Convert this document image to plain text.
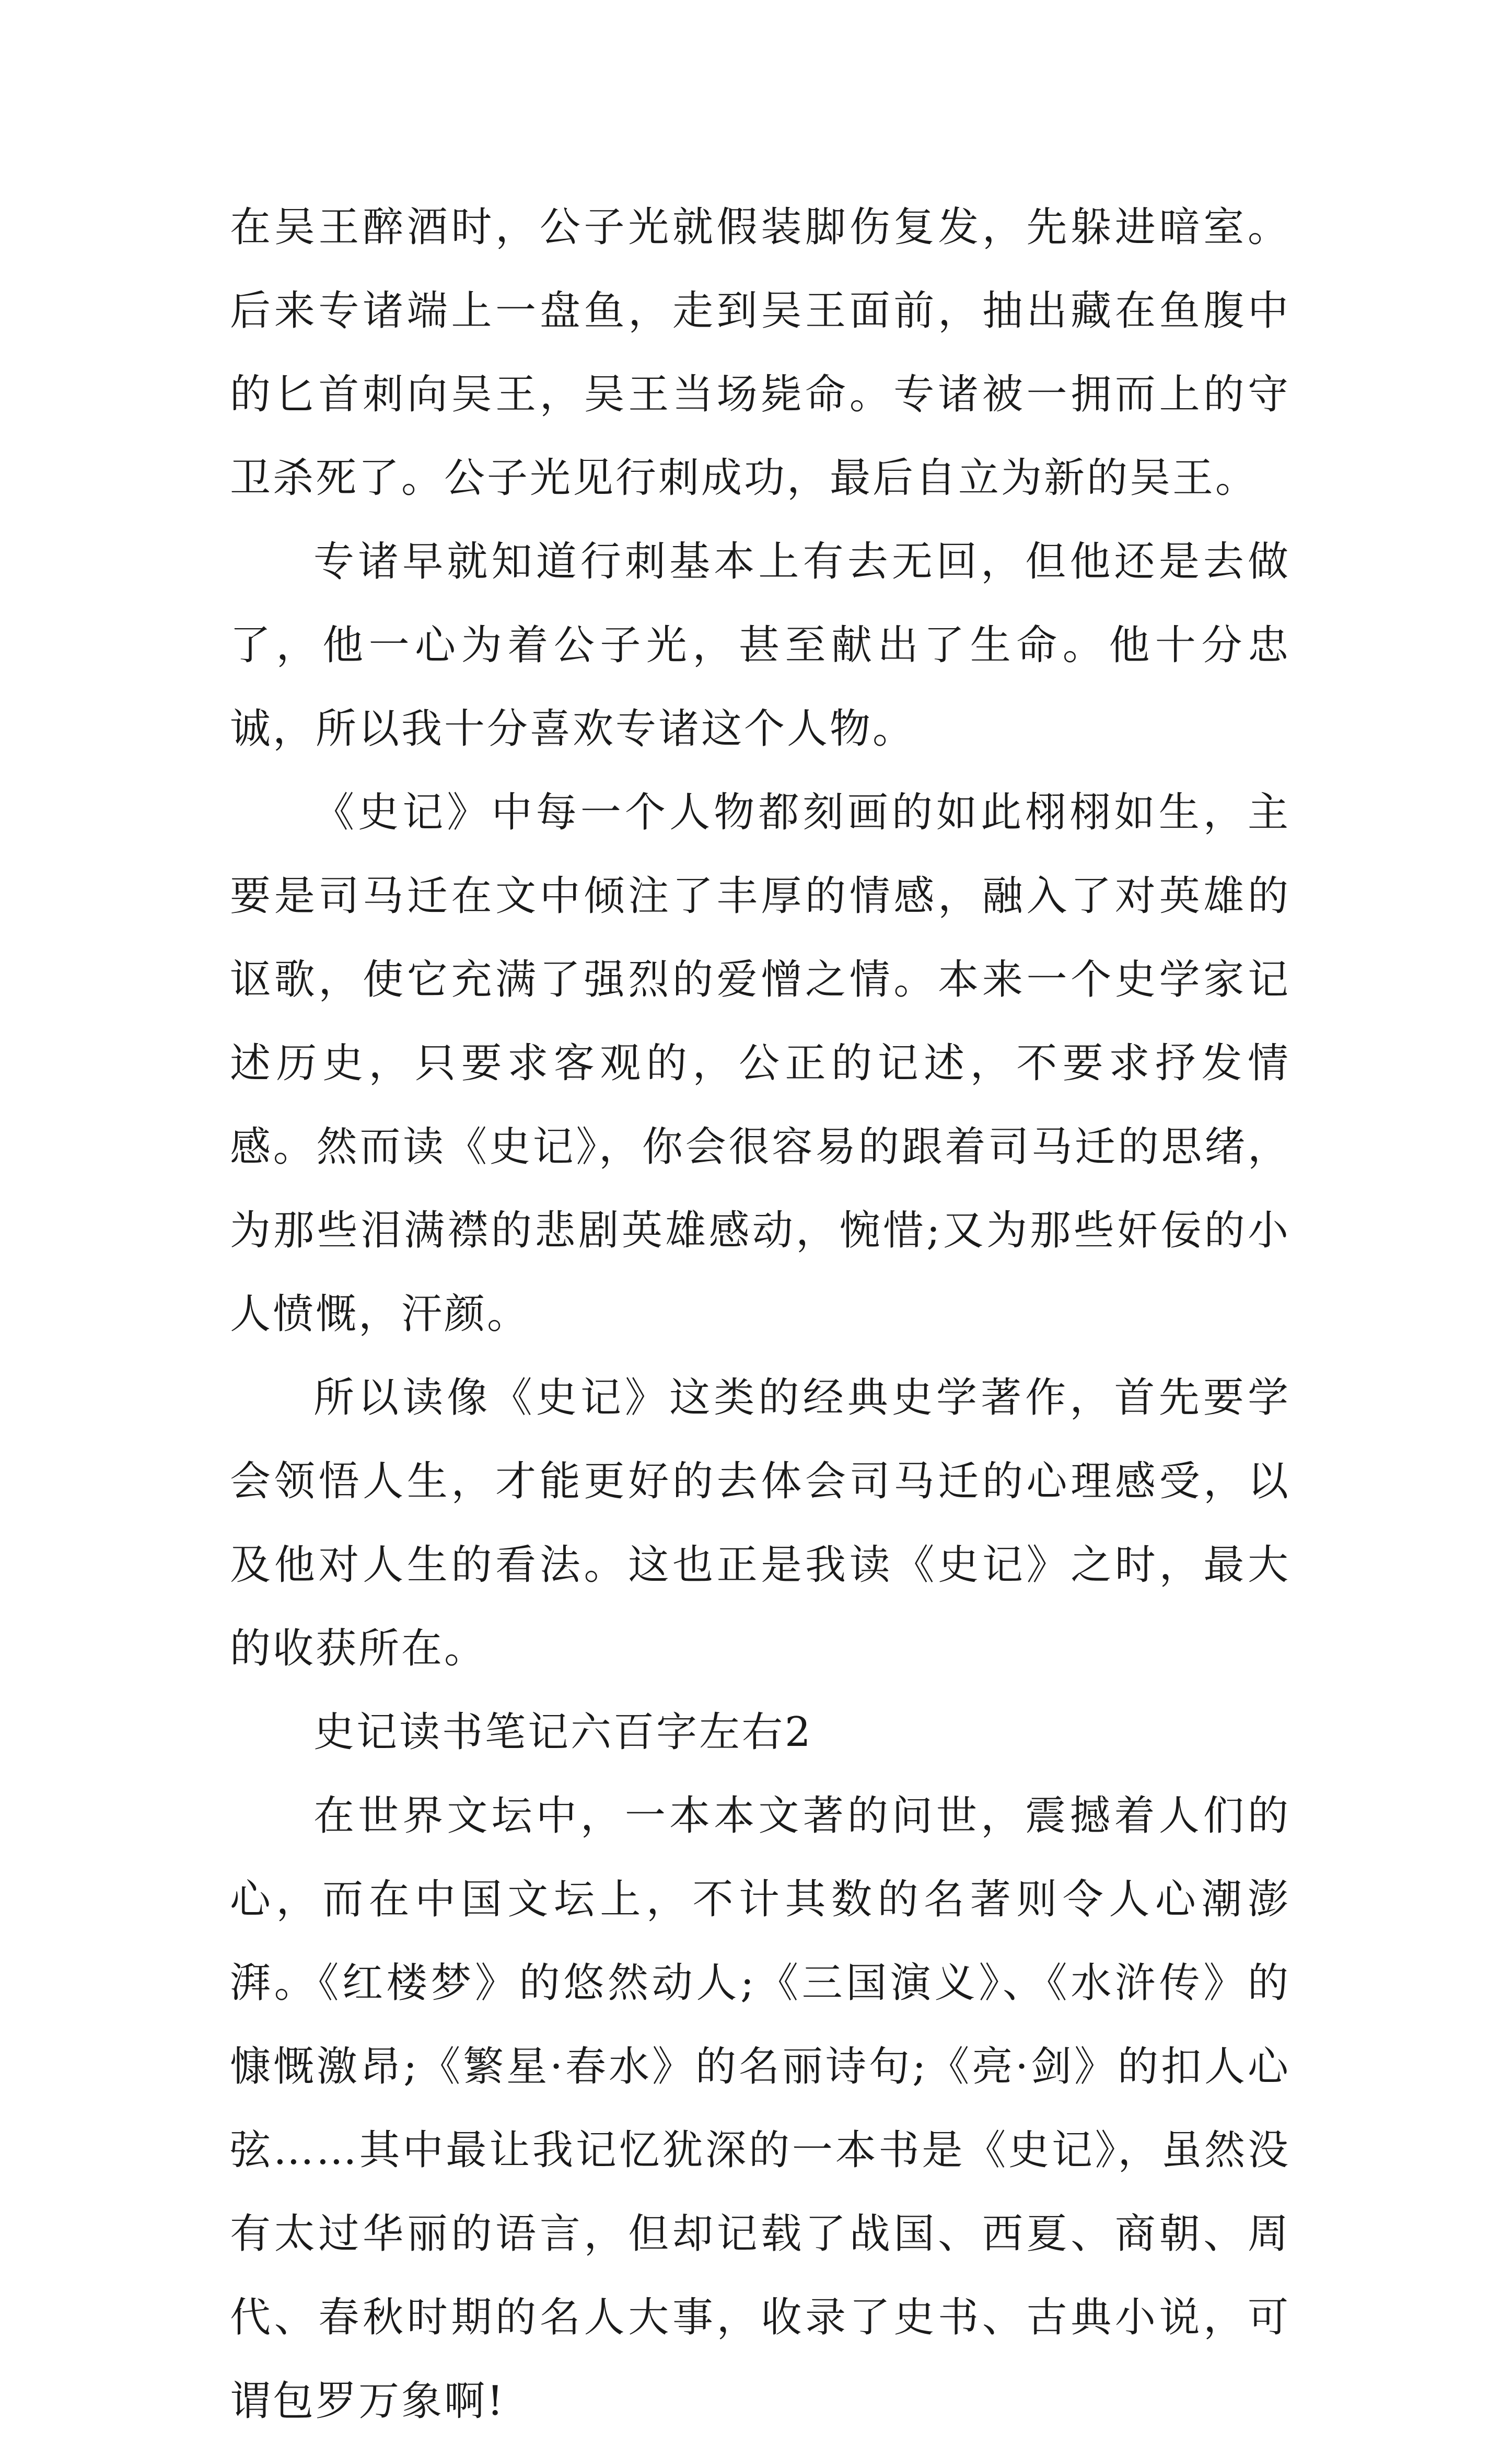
在吴王醉酒时，公子光就假装脚伤复发，先躲进暗室。后来专诸端上一盘鱼，走到吴王面前，抽出藏在鱼腹中的匕首刺向吴王，吴王当场毙命。专诸被一拥而上的守卫杀死了。公子光见行刺成功，最后自立为新的吴王。

专诸早就知道行刺基本上有去无回，但他还是去做了，他一心为着公子光，甚至献出了生命。他十分忠诚，所以我十分喜欢专诸这个人物。

《史记》中每一个人物都刻画的如此栩栩如生，主要是司马迁在文中倾注了丰厚的情感，融入了对英雄的讴歌，使它充满了强烈的爱憎之情。本来一个史学家记述历史，只要求客观的，公正的记述，不要求抒发情感。然而读《史记》，你会很容易的跟着司马迁的思绪，为那些泪满襟的悲剧英雄感动，惋惜;又为那些奸佞的小人愤慨，汗颜。

所以读像《史记》这类的经典史学著作，首先要学会领悟人生，才能更好的去体会司马迁的心理感受，以及他对人生的看法。这也正是我读《史记》之时，最大的收获所在。

史记读书笔记六百字左右2

在世界文坛中，一本本文著的问世，震撼着人们的心，而在中国文坛上，不计其数的名著则令人心潮澎湃。《红楼梦》的悠然动人;《三国演义》、《水浒传》的慷慨激昂;《繁星·春水》的名丽诗句;《亮·剑》的扣人心弦……其中最让我记忆犹深的一本书是《史记》，虽然没有太过华丽的语言，但却记载了战国、西夏、商朝、周代、春秋时期的名人大事，收录了史书、古典小说，可谓包罗万象啊!
